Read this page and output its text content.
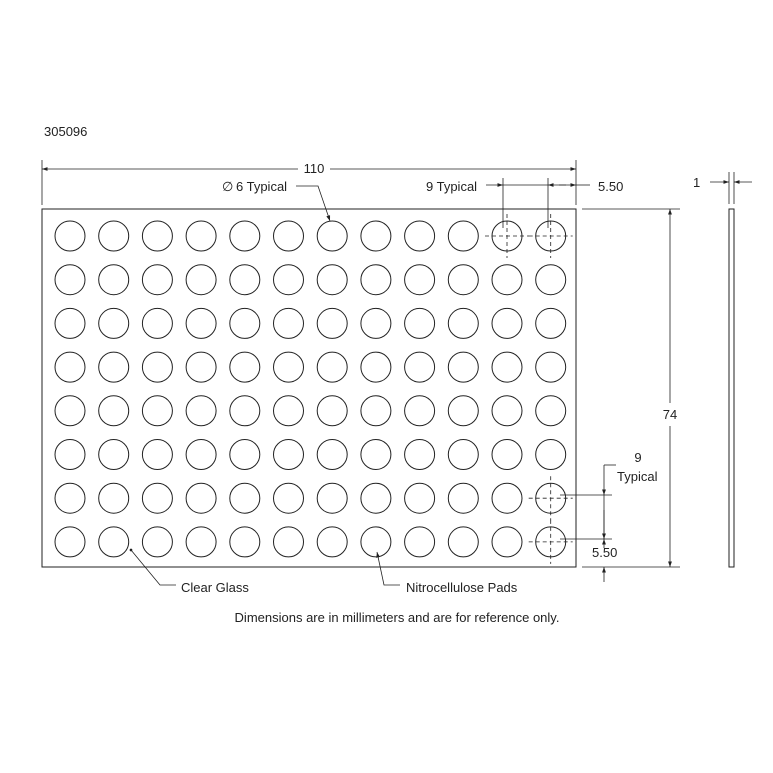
305096
110
∅ 6 Typical	9 Typical	5.50
74
9
Typical
5.50
1
Clear Glass	Nitrocellulose Pads
Dimensions are in millimeters and are for reference only.
